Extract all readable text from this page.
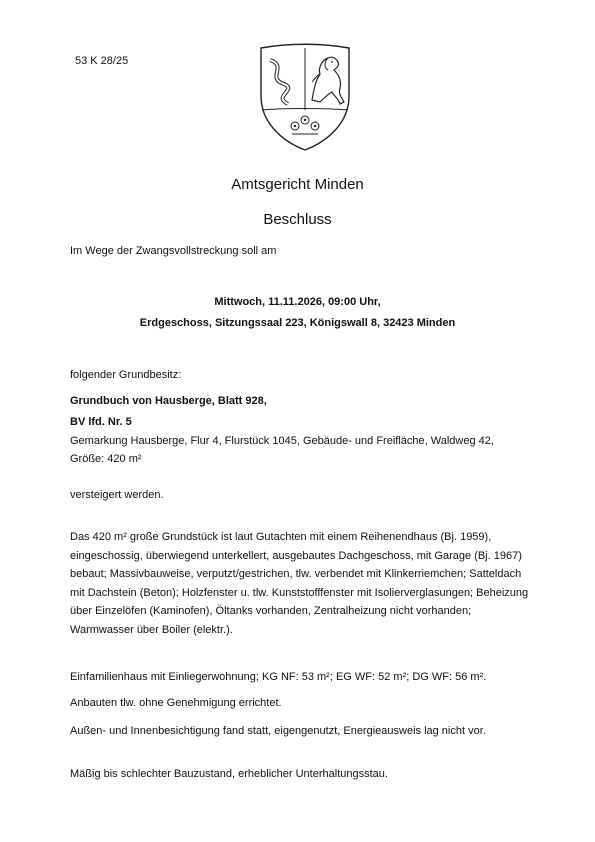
53 K 28/25
Amtsgericht Minden
Beschluss
Im Wege der Zwangsvollstreckung soll am
Mittwoch, 11.11.2026, 09:00 Uhr,
Erdgeschoss, Sitzungssaal 223, Königswall 8, 32423 Minden
folgender Grundbesitz:
Grundbuch von Hausberge, Blatt 928,
BV lfd. Nr. 5
Gemarkung Hausberge, Flur 4, Flurstück 1045, Gebäude- und Freifläche, Waldweg 42, Größe: 420 m²
versteigert werden.
Das 420 m² große Grundstück ist laut Gutachten mit einem Reihenendhaus (Bj. 1959), eingeschossig, überwiegend unterkellert, ausgebautes Dachgeschoss, mit Garage (Bj. 1967) bebaut; Massivbauweise, verputzt/gestrichen, tlw. verbendet mit Klinkerriemchen; Satteldach mit Dachstein (Beton); Holzfenster u. tlw. Kunststofffenster mit Isolierverglasungen; Beheizung über Einzelöfen (Kaminofen), Öltanks vorhanden, Zentralheizung nicht vorhanden; Warmwasser über Boiler (elektr.).
Einfamilienhaus mit Einliegerwohnung; KG NF: 53 m²; EG WF: 52 m²; DG WF: 56 m².
Anbauten tlw. ohne Genehmigung errichtet.
Außen- und Innenbesichtigung fand statt, eigengenutzt, Energieausweis lag nicht vor.
Mäßig bis schlechter Bauzustand, erheblicher Unterhaltungsstau.
